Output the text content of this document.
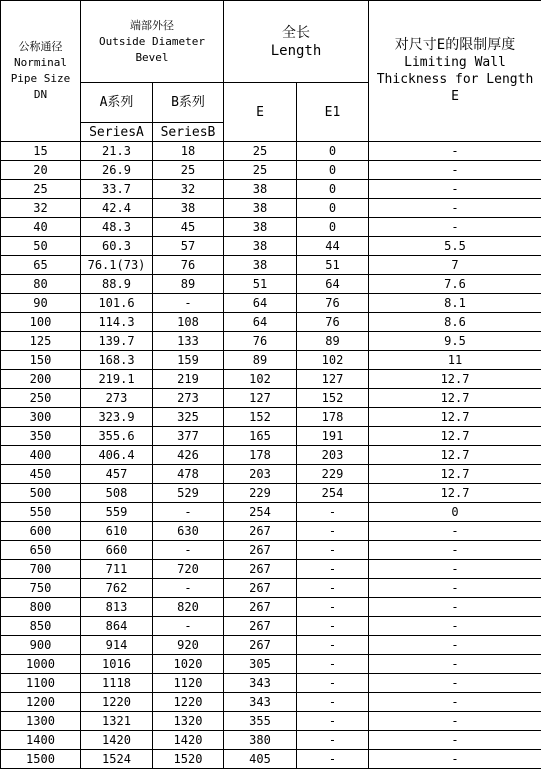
公称通径
Norminal
Pipe Size
DN	端部外径
Outside Diameter
Bevel		全长
Length		对尺寸E的限制厚度
Limiting Wall
Thickness for Length
E

	A系列	B系列	E	E1	
	SeriesA	SeriesB			
15	21.3	18	25	0	-
20	26.9	25	25	0	-
25	33.7	32	38	0	-
32	42.4	38	38	0	-
40	48.3	45	38	0	-
50	60.3	57	38	44	5.5
65	76.1(73)	76	38	51	7
80	88.9	89	51	64	7.6
90	101.6	-	64	76	8.1
100	114.3	108	64	76	8.6
125	139.7	133	76	89	9.5
150	168.3	159	89	102	11
200	219.1	219	102	127	12.7
250	273	273	127	152	12.7
300	323.9	325	152	178	12.7
350	355.6	377	165	191	12.7
400	406.4	426	178	203	12.7
450	457	478	203	229	12.7
500	508	529	229	254	12.7
550	559	-	254	-	0
600	610	630	267	-	-
650	660	-	267	-	-
700	711	720	267	-	-
750	762	-	267	-	-
800	813	820	267	-	-
850	864	-	267	-	-
900	914	920	267	-	-
1000	1016	1020	305	-	-
1100	1118	1120	343	-	-
1200	1220	1220	343	-	-
1300	1321	1320	355	-	-
1400	1420	1420	380	-	-
1500	1524	1520	405	-	-
